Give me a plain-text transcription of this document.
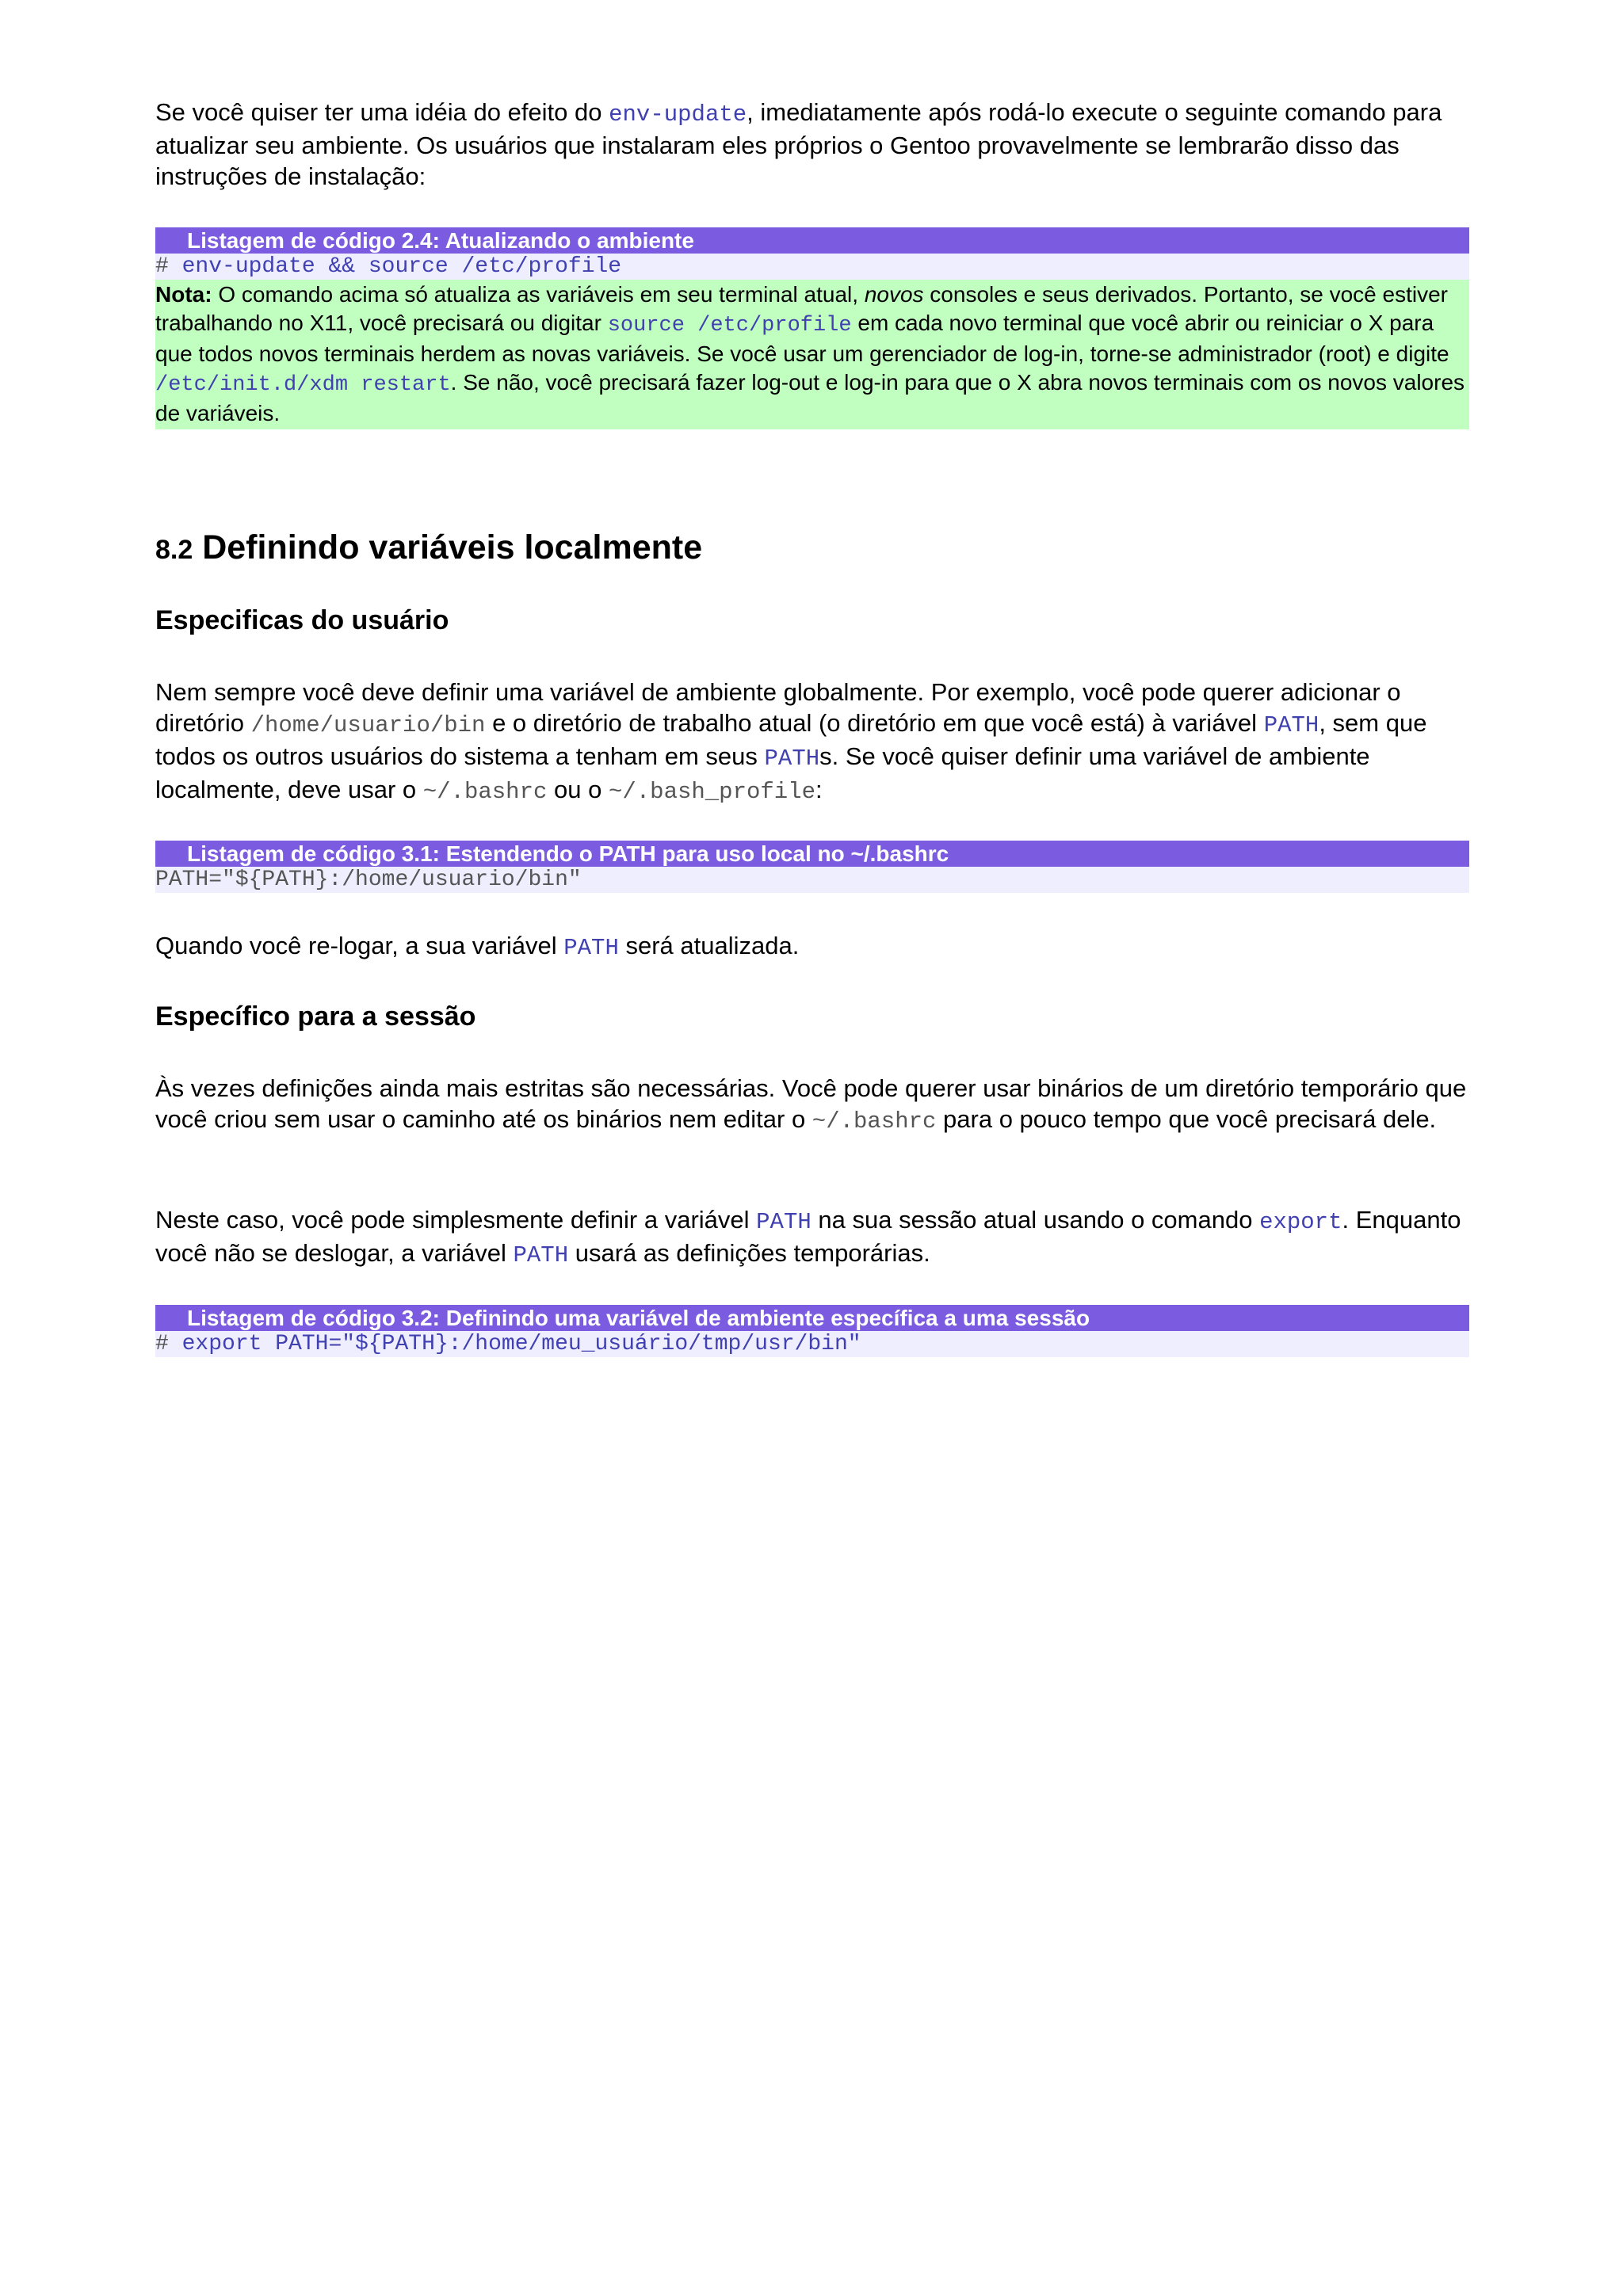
Se você quiser ter uma idéia do efeito do env-update, imediatamente após rodá-lo execute o seguinte comando para atualizar seu ambiente. Os usuários que instalaram eles próprios o Gentoo provavelmente se lembrarão disso das instruções de instalação:

Listagem de código 2.4: Atualizando o ambiente
# env-update && source /etc/profile
Nota: O comando acima só atualiza as variáveis em seu terminal atual, novos consoles e seus derivados. Portanto, se você estiver trabalhando no X11, você precisará ou digitar source /etc/profile em cada novo terminal que você abrir ou reiniciar o X para que todos novos terminais herdem as novas variáveis. Se você usar um gerenciador de log-in, torne-se administrador (root) e digite /etc/init.d/xdm restart. Se não, você precisará fazer log-out e log-in para que o X abra novos terminais com os novos valores de variáveis.
8.2 Definindo variáveis localmente
Especificas do usuário

Nem sempre você deve definir uma variável de ambiente globalmente. Por exemplo, você pode querer adicionar o diretório /home/usuario/bin e o diretório de trabalho atual (o diretório em que você está) à variável PATH, sem que todos os outros usuários do sistema a tenham em seus PATHs. Se você quiser definir uma variável de ambiente localmente, deve usar o ~/.bashrc ou o ~/.bash_profile:

Listagem de código 3.1: Estendendo o PATH para uso local no ~/.bashrc
PATH="${PATH}:/home/usuario/bin"

Quando você re-logar, a sua variável PATH será atualizada.

Específico para a sessão

Às vezes definições ainda mais estritas são necessárias. Você pode querer usar binários de um diretório temporário que você criou sem usar o caminho até os binários nem editar o ~/.bashrc para o pouco tempo que você precisará dele.

Neste caso, você pode simplesmente definir a variável PATH na sua sessão atual usando o comando export. Enquanto você não se deslogar, a variável PATH usará as definições temporárias.

Listagem de código 3.2: Definindo uma variável de ambiente específica a uma sessão
# export PATH="${PATH}:/home/meu_usuário/tmp/usr/bin"
